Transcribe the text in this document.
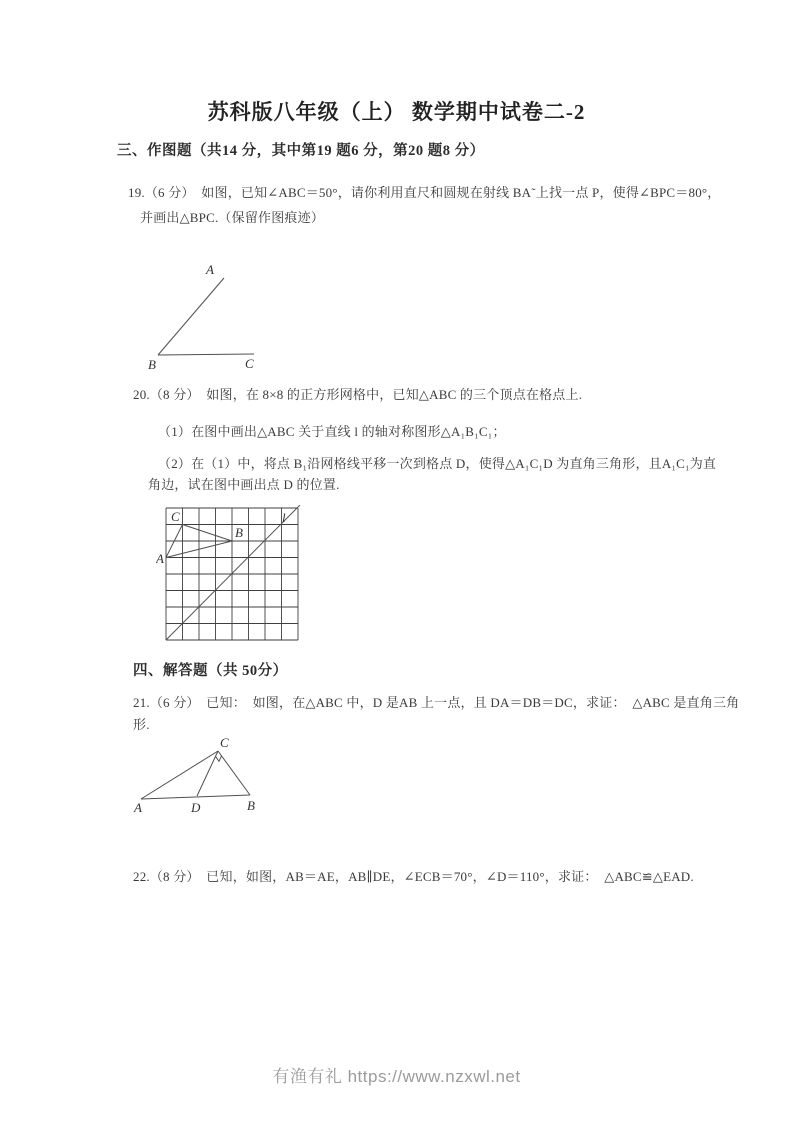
苏科版八年级（上） 数学期中试卷二-2
三、作图题（共14 分，其中第19 题6 分，第20 题8 分）
19.（6 分）　如图，已知∠ABC＝50°，请你利用直尺和圆规在射线 BA˜上找一点 P，使得∠BPC＝80°，
并画出△BPC.（保留作图痕迹）
A
B	C
20.（8 分）　如图，在 8×8 的正方形网格中，已知△ABC 的三个顶点在格点上.
（1）在图中画出△ABC 关于直线 l 的轴对称图形△A₁B₁C₁；
（2）在（1）中，将点 B₁沿网格线平移一次到格点 D，使得△A₁C₁D 为直角三角形，且A₁C₁为直
角边，试在图中画出点 D 的位置.
C
B
A
l
四、解答题（共 50分）
21.（6 分）　已知：　如图，在△ABC 中，D 是AB 上一点，且 DA＝DB＝DC，求证：　△ABC 是直角三角
形.
A	D	B
C
22.（8 分）　已知，如图，AB＝AE，AB∥DE，∠ECB＝70°，∠D＝110°，求证：　△ABC≌△EAD.
有渔有礼 https://www.nzxwl.net
